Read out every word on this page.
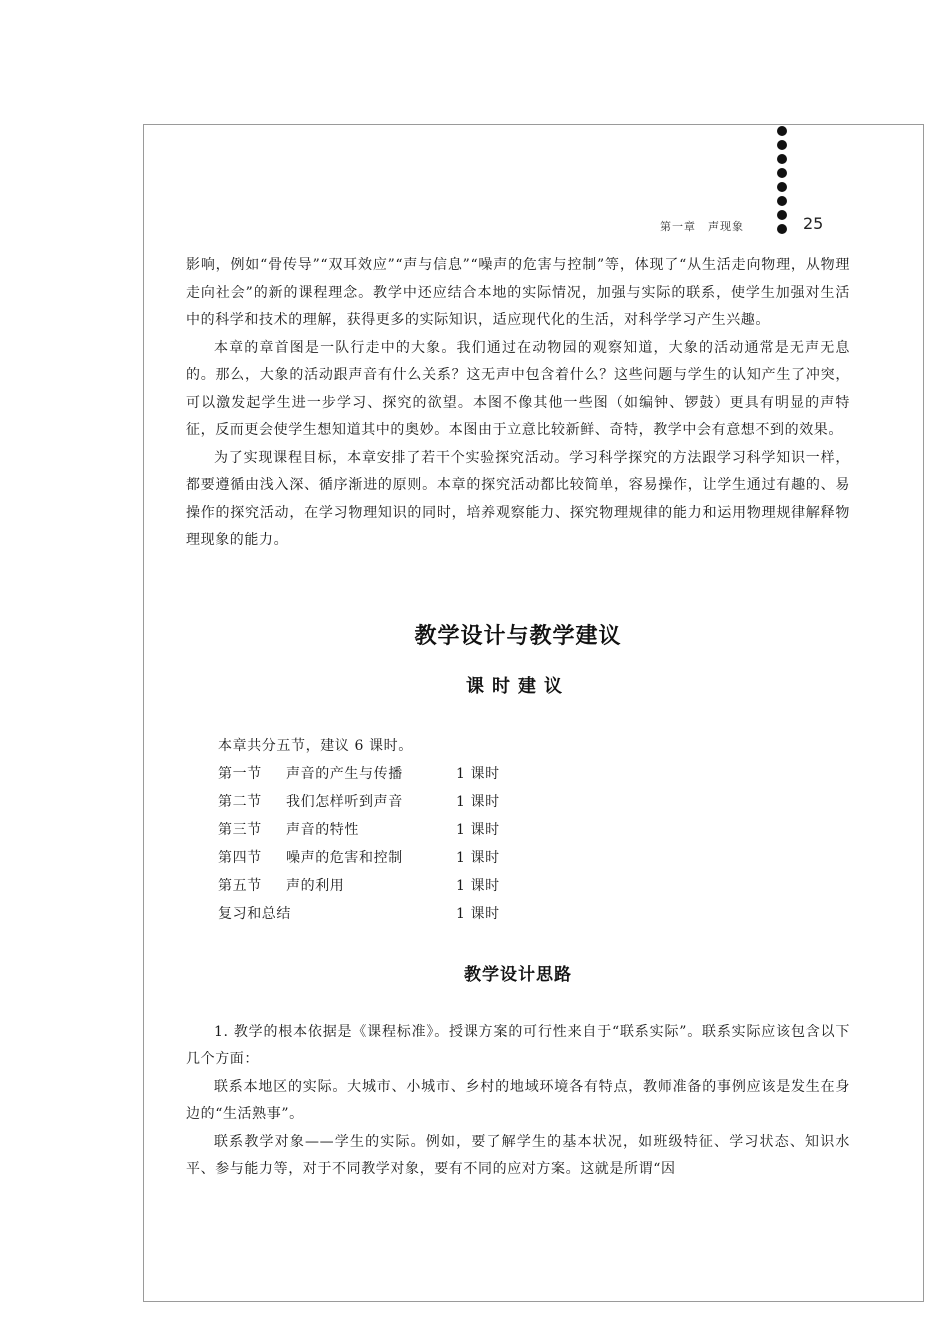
第一章　声现象	25

影响，例如“骨传导”“双耳效应”“声与信息”“噪声的危害与控制”等，体现了“从生活走向物理，从物理走向社会”的新的课程理念。教学中还应结合本地的实际情况，加强与实际的联系，使学生加强对生活中的科学和技术的理解，获得更多的实际知识，适应现代化的生活，对科学学习产生兴趣。

本章的章首图是一队行走中的大象。我们通过在动物园的观察知道，大象的活动通常是无声无息的。那么，大象的活动跟声音有什么关系？这无声中包含着什么？这些问题与学生的认知产生了冲突，可以激发起学生进一步学习、探究的欲望。本图不像其他一些图（如编钟、锣鼓）更具有明显的声特征，反而更会使学生想知道其中的奥妙。本图由于立意比较新鲜、奇特，教学中会有意想不到的效果。

为了实现课程目标，本章安排了若干个实验探究活动。学习科学探究的方法跟学习科学知识一样，都要遵循由浅入深、循序渐进的原则。本章的探究活动都比较简单，容易操作，让学生通过有趣的、易操作的探究活动，在学习物理知识的同时，培养观察能力、探究物理规律的能力和运用物理规律解释物理现象的能力。

教学设计与教学建议
课时建议
本章共分五节，建议 6 课时。
第一节	声音的产生与传播	1 课时
第二节	我们怎样听到声音	1 课时
第三节	声音的特性	1 课时
第四节	噪声的危害和控制	1 课时
第五节	声的利用	1 课时
复习和总结	1 课时
教学设计思路

1. 教学的根本依据是《课程标准》。授课方案的可行性来自于“联系实际”。联系实际应该包含以下几个方面：

联系本地区的实际。大城市、小城市、乡村的地域环境各有特点，教师准备的事例应该是发生在身边的“生活熟事”。

联系教学对象——学生的实际。例如，要了解学生的基本状况，如班级特征、学习状态、知识水平、参与能力等，对于不同教学对象，要有不同的应对方案。这就是所谓“因
